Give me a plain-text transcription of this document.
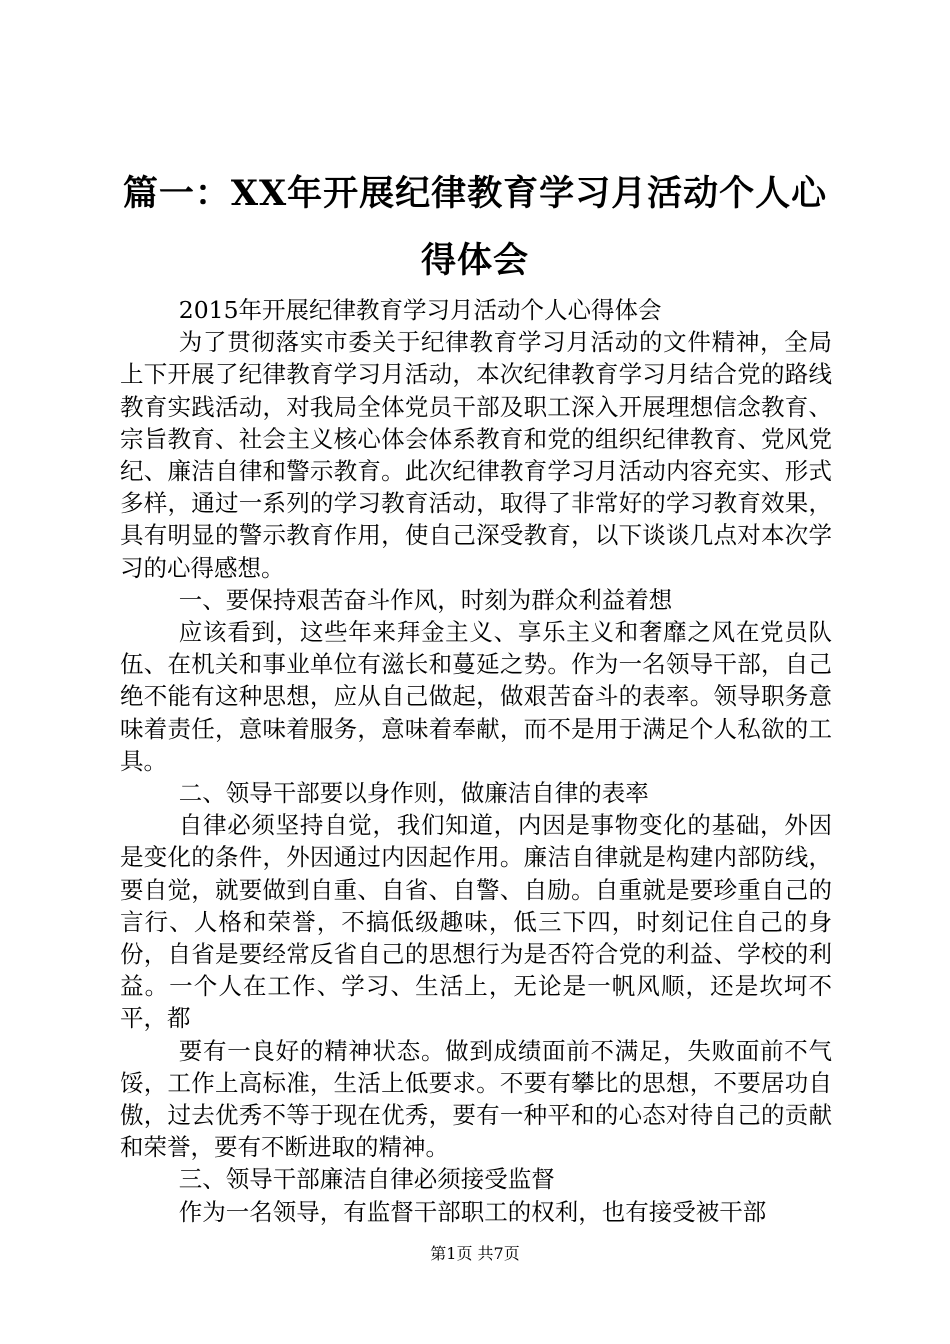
篇一：XX年开展纪律教育学习月活动个人心得体会

2015年开展纪律教育学习月活动个人心得体会

为了贯彻落实市委关于纪律教育学习月活动的文件精神，全局上下开展了纪律教育学习月活动，本次纪律教育学习月结合党的路线教育实践活动，对我局全体党员干部及职工深入开展理想信念教育、宗旨教育、社会主义核心体会体系教育和党的组织纪律教育、党风党纪、廉洁自律和警示教育。此次纪律教育学习月活动内容充实、形式多样，通过一系列的学习教育活动，取得了非常好的学习教育效果，具有明显的警示教育作用，使自己深受教育，以下谈谈几点对本次学习的心得感想。

一、要保持艰苦奋斗作风，时刻为群众利益着想

应该看到，这些年来拜金主义、享乐主义和奢靡之风在党员队伍、在机关和事业单位有滋长和蔓延之势。作为一名领导干部，自己绝不能有这种思想，应从自己做起，做艰苦奋斗的表率。领导职务意味着责任，意味着服务，意味着奉献，而不是用于满足个人私欲的工具。

二、领导干部要以身作则，做廉洁自律的表率

自律必须坚持自觉，我们知道，内因是事物变化的基础，外因是变化的条件，外因通过内因起作用。廉洁自律就是构建内部防线，要自觉，就要做到自重、自省、自警、自励。自重就是要珍重自己的言行、人格和荣誉，不搞低级趣味，低三下四，时刻记住自己的身份，自省是要经常反省自己的思想行为是否符合党的利益、学校的利益。一个人在工作、学习、生活上，无论是一帆风顺，还是坎坷不平，都

要有一良好的精神状态。做到成绩面前不满足，失败面前不气馁，工作上高标准，生活上低要求。不要有攀比的思想，不要居功自傲，过去优秀不等于现在优秀，要有一种平和的心态对待自己的贡献和荣誉，要有不断进取的精神。

三、领导干部廉洁自律必须接受监督

作为一名领导，有监督干部职工的权利，也有接受被干部

第1页 共7页
